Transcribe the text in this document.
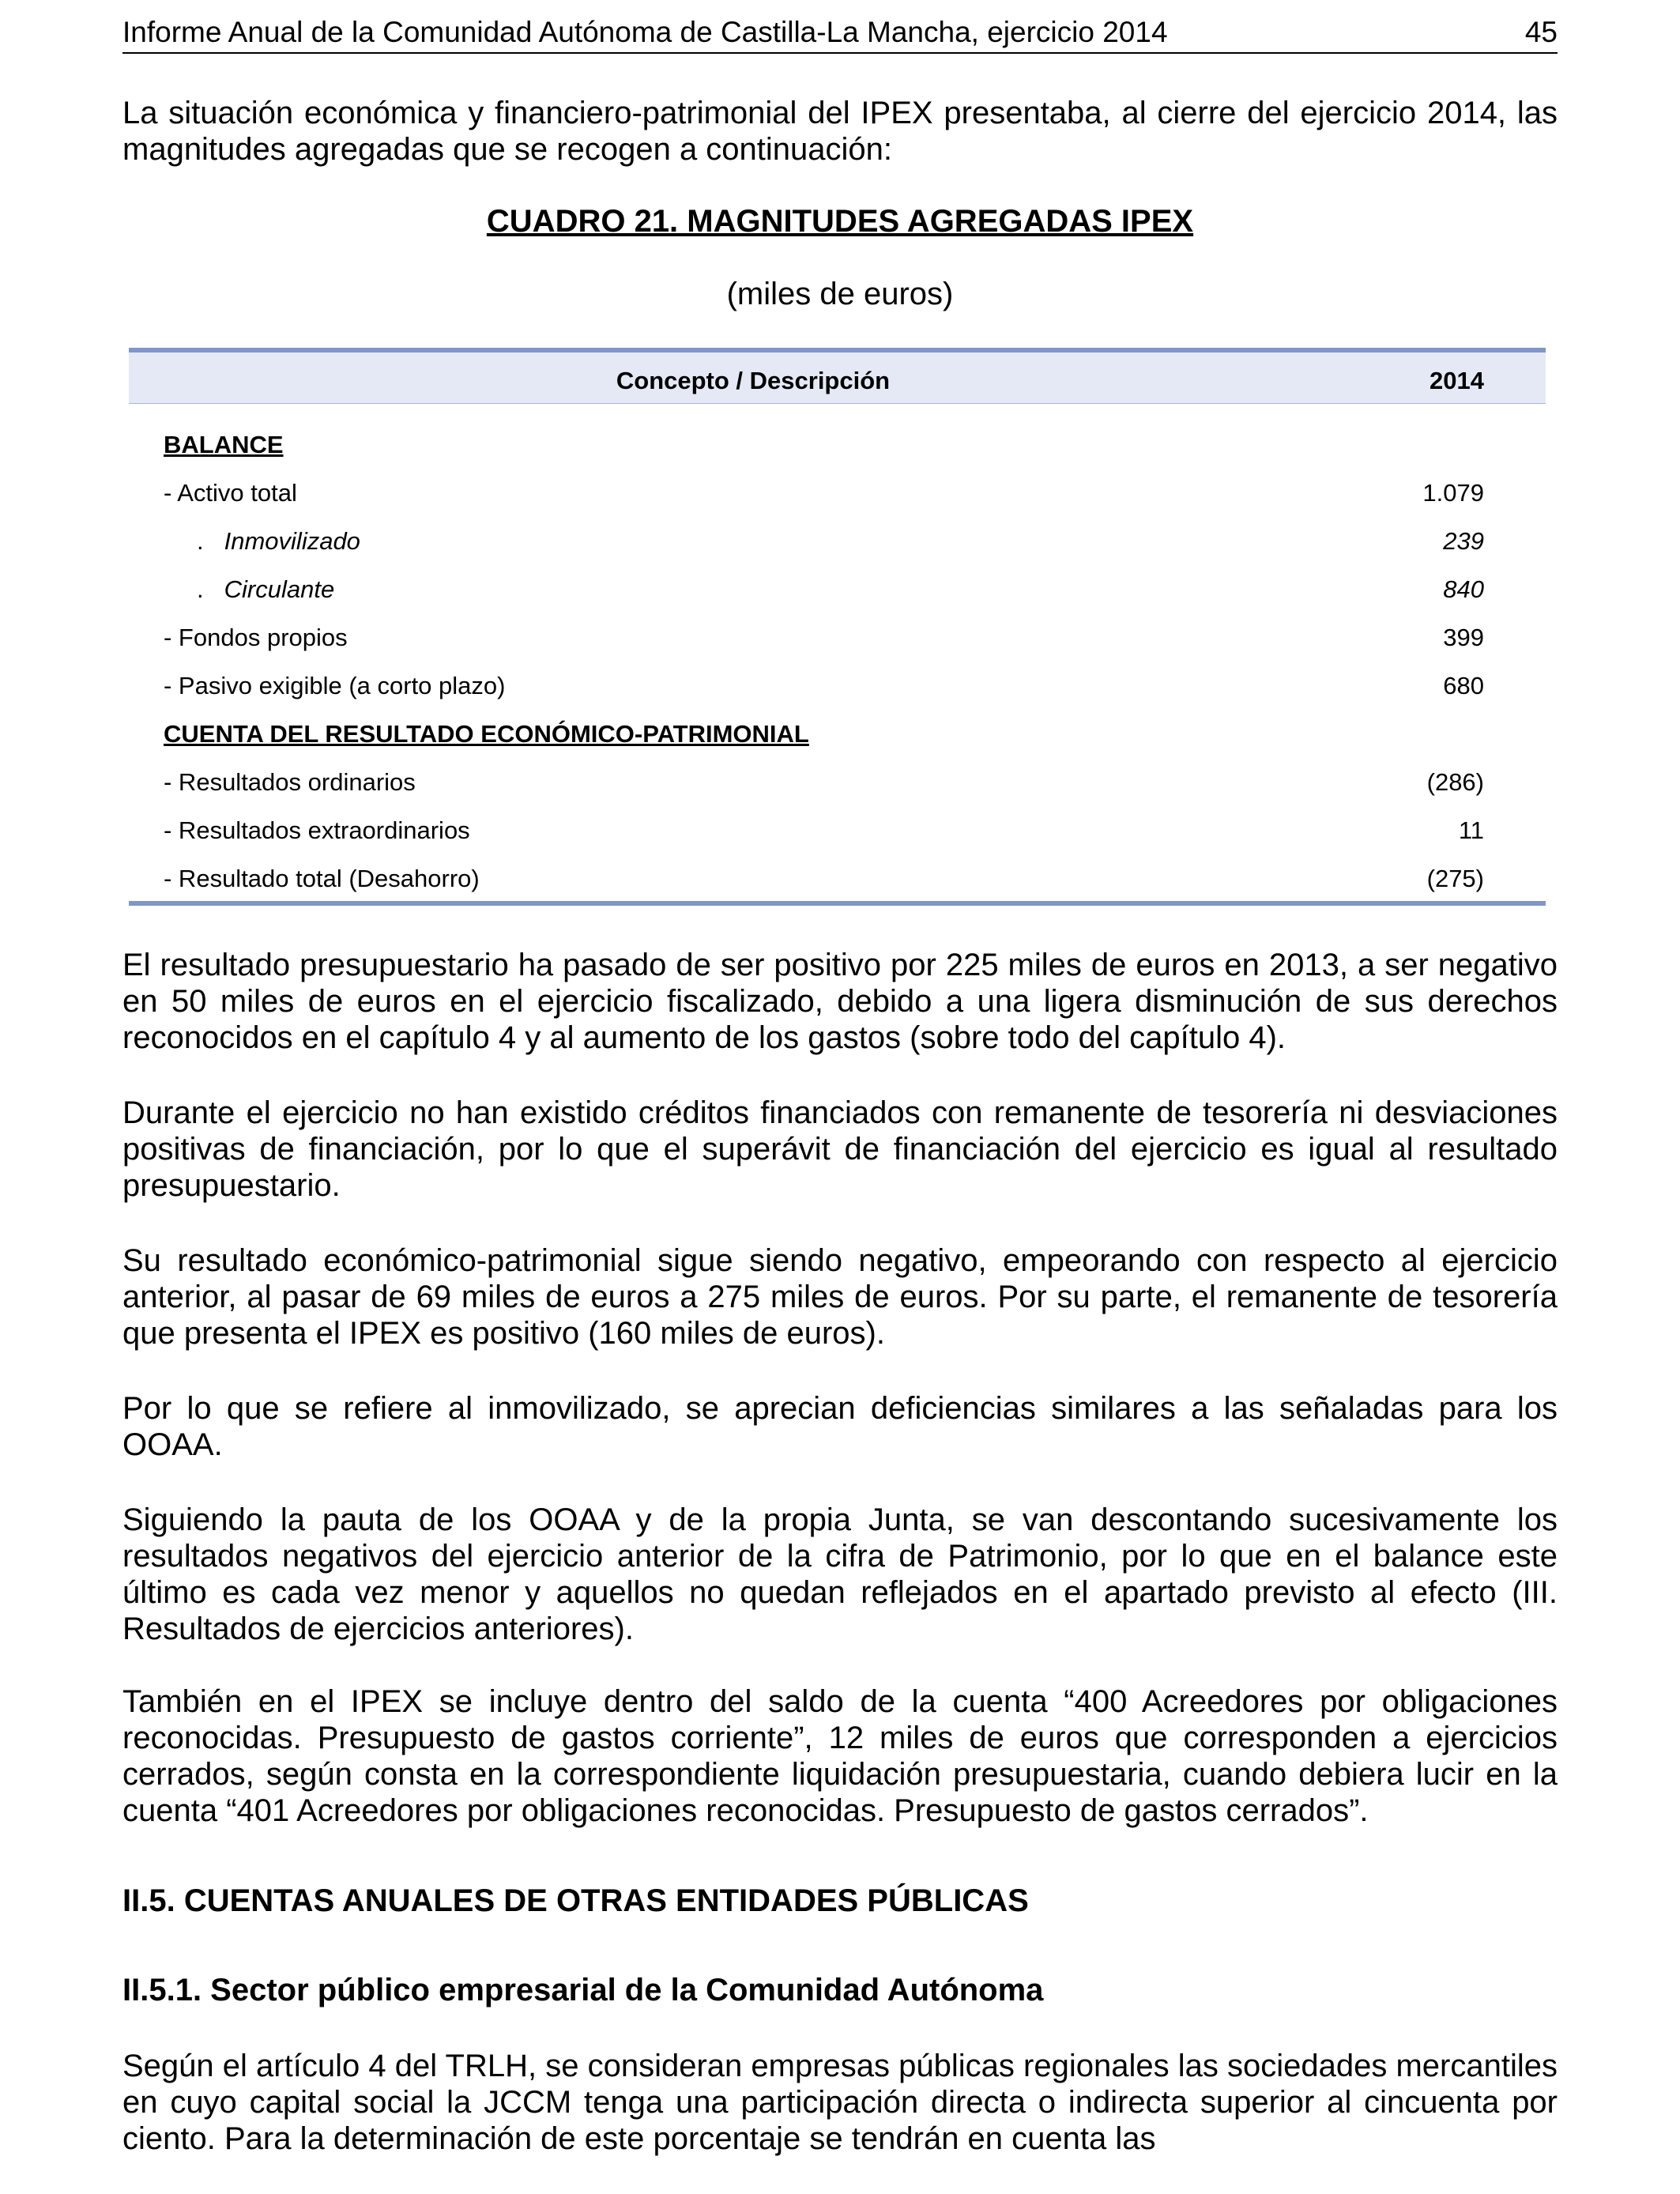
Informe Anual de la Comunidad Autónoma de Castilla-La Mancha, ejercicio 2014	45
La situación económica y financiero-patrimonial del IPEX presentaba, al cierre del ejercicio 2014, las magnitudes agregadas que se recogen a continuación:
CUADRO 21. MAGNITUDES AGREGADAS IPEX
(miles de euros)
Concepto / Descripción	2014
BALANCE
- Activo total	1.079
. Inmovilizado	239
. Circulante	840
- Fondos propios	399
- Pasivo exigible (a corto plazo)	680
CUENTA DEL RESULTADO ECONÓMICO-PATRIMONIAL
- Resultados ordinarios	(286)
- Resultados extraordinarios	11
- Resultado total (Desahorro)	(275)
El resultado presupuestario ha pasado de ser positivo por 225 miles de euros en 2013, a ser negativo en 50 miles de euros en el ejercicio fiscalizado, debido a una ligera disminución de sus derechos reconocidos en el capítulo 4 y al aumento de los gastos (sobre todo del capítulo 4).
Durante el ejercicio no han existido créditos financiados con remanente de tesorería ni desviaciones positivas de financiación, por lo que el superávit de financiación del ejercicio es igual al resultado presupuestario.
Su resultado económico-patrimonial sigue siendo negativo, empeorando con respecto al ejercicio anterior, al pasar de 69 miles de euros a 275 miles de euros. Por su parte, el remanente de tesorería que presenta el IPEX es positivo (160 miles de euros).
Por lo que se refiere al inmovilizado, se aprecian deficiencias similares a las señaladas para los OOAA.
Siguiendo la pauta de los OOAA y de la propia Junta, se van descontando sucesivamente los resultados negativos del ejercicio anterior de la cifra de Patrimonio, por lo que en el balance este último es cada vez menor y aquellos no quedan reflejados en el apartado previsto al efecto (III. Resultados de ejercicios anteriores).
También en el IPEX se incluye dentro del saldo de la cuenta “400 Acreedores por obligaciones reconocidas. Presupuesto de gastos corriente”, 12 miles de euros que corresponden a ejercicios cerrados, según consta en la correspondiente liquidación presupuestaria, cuando debiera lucir en la cuenta “401 Acreedores por obligaciones reconocidas. Presupuesto de gastos cerrados”.
II.5. CUENTAS ANUALES DE OTRAS ENTIDADES PÚBLICAS
II.5.1. Sector público empresarial de la Comunidad Autónoma
Según el artículo 4 del TRLH, se consideran empresas públicas regionales las sociedades mercantiles en cuyo capital social la JCCM tenga una participación directa o indirecta superior al cincuenta por ciento. Para la determinación de este porcentaje se tendrán en cuenta las
